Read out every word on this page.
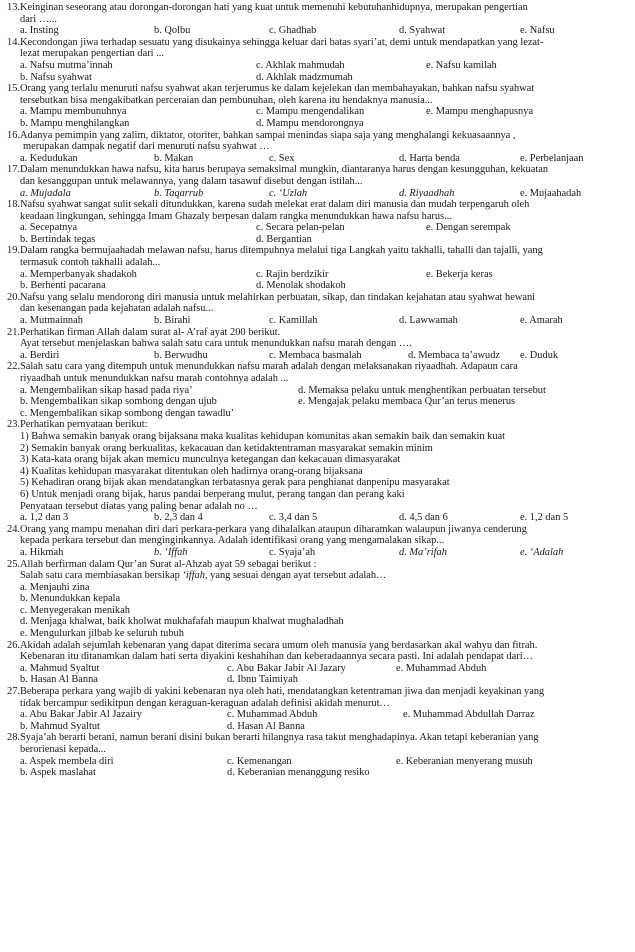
13.Keinginan seseorang atau dorongan-dorongan hati yang kuat untuk memenuhi kebutuhanhidupnya, merupakan pengertian
dari …...
a. Insting	b. Qolbu	c. Ghadhab	d. Syahwat	e. Nafsu
14.Kecondongan jiwa terhadap sesuatu yang disukainya sehingga keluar dari batas syari’at, demi untuk mendapatkan yang lezat-
lezat merupakan pengertian dari ...
a. Nafsu mutma’innah	c. Akhlak mahmudah	e. Nafsu kamilah
b. Nafsu syahwat	d. Akhlak madzmumah
15.Orang yang terlalu menuruti nafsu syahwat akan terjerumus ke dalam kejelekan dan membahayakan, bahkan nafsu syahwat
tersebutkan bisa mengakibatkan perceraian dan pembunuhan, oleh karena itu hendaknya manusia...
a. Mampu membunuhnya	c. Mampu mengendalikan	e. Mampu menghapusnya
b. Mampu menghilangkan	d. Mampu mendorongnya
16.Adanya pemimpin yang zalim, diktator, otoriter, bahkan sampai menindas siapa saja yang menghalangi kekuasaannya ,
merupakan dampak negatif dari menuruti nafsu syahwat …
a. Kedudukan	b. Makan	c. Sex	d. Harta benda	e. Perbelanjaan
17.Dalam menundukkan hawa nafsu, kita harus berupaya semaksimal mungkin, diantaranya harus dengan kesungguhan, kekuatan
dan kesanggupan untuk melawannya, yang dalam tasawuf disebut dengan istilah...
a. Mujadala	b. Taqarrub	c. ‘Uzlah	d. Riyaadhah	e. Mujaahadah
18.Nafsu syahwat sangat sulit sekali ditundukkan, karena sudah melekat erat dalam diri manusia dan mudah terpengaruh oleh
keadaan lingkungan, sehingga Imam Ghazaly berpesan dalam rangka menundukkan hawa nafsu harus...
a. Secepatnya	c. Secara pelan-pelan	e. Dengan serempak
b. Bertindak tegas	d. Bergantian
19.Dalam rangka bermujaahadah melawan nafsu, harus ditempuhnya melalui tiga Langkah yaitu takhalli, tahalli dan tajalli, yang
termasuk contoh takhalli adalah...
a. Memperbanyak shadakoh	c. Rajin berdzikir	e. Bekerja keras
b. Berhenti pacarana	d. Menolak shodakoh
20.Nafsu yang selalu mendorong diri manusia untuk melahirkan perbuatan, sikap, dan tindakan kejahatan atau syahwat hewani
dan kesenangan pada kejahatan adalah nafsu...
a. Mutmainnah	b. Birahi	c. Kamillah	d. Lawwamah	e. Amarah
21.Perhatikan firman Allah dalam surat al- A’raf ayat 200 berikut.
Ayat tersebut menjelaskan bahwa salah satu cara untuk menundukkan nafsu marah dengan ….
a. Berdiri	b. Berwudhu	c. Membaca basmalah	d. Membaca ta’awudz	e. Duduk
22.Salah satu cara yang ditempuh untuk menundukkan nafsu marah adalah dengan melaksanakan riyaadhah. Adapaun cara
riyaadhah untuk menundukkan nafsu marah contohnya adalah ...
a. Mengembalikan sikap hasad pada riya’	d. Memaksa pelaku untuk menghentikan perbuatan tersebut
b. Mengembalikan sikap sombong dengan ujub	e. Mengajak pelaku membaca Qur’an terus menerus
c. Mengembalikan sikap sombong dengan tawadlu’
23.Perhatikan pernyataan berikut:
1) Bahwa semakin banyak orang bijaksana maka kualitas kehidupan komunitas akan semakin baik dan semakin kuat
2) Semakin banyak orang berkualitas, kekacauan dan ketidaktentraman masyarakat semakin minim
3) Kata-kata orang bijak akan memicu munculnya ketegangan dan kekacauan dimasyarakat
4) Kualitas kehidupan masyarakat ditentukan oleh hadirnya orang-orang bijaksana
5) Kehadiran orang bijak akan mendatangkan terbatasnya gerak para penghianat danpenipu masyarakat
6) Untuk menjadi orang bijak, harus pandai berperang mulut, perang tangan dan perang kaki
Penyataan tersebut diatas yang paling benar adalah no …
a. 1,2 dan 3	b. 2,3 dan 4	c. 3,4 dan 5	d. 4,5 dan 6	e. 1,2 dan 5
24.Orang yang mampu menahan diri dari perkara-perkara yang dihalalkan ataupun diharamkan walaupun jiwanya cenderung
kepada perkara tersebut dan menginginkannya. Adalah identifikasi orang yang mengamalakan sikap...
a. Hikmah	b. ‘Iffah	c. Syaja’ah	d. Ma’rifah	e. ‘Adalah
25.Allah berfirman dalam Qur’an Surat al-Ahzab ayat 59 sebagai berikut :
Salah satu cara membiasakan bersikap ‘iffah, yang sesuai dengan ayat tersebut adalah…
a. Menjauhi zina
b. Menundukkan kepala
c. Menyegerakan menikah
d. Menjaga khalwat, baik kholwat mukhafafah maupun khalwat mughaladhah
e. Mengulurkan jilbab ke seluruh tubuh
26.Akidah adalah sejumlah kebenaran yang dapat diterima secara umum oleh manusia yang berdasarkan akal wahyu dan fitrah.
Kebenaran itu ditanamkan dalam hati serta diyakini keshahihan dan keberadaannya secara pasti. Ini adalah pendapat dari…
a. Mahmud Syaltut	c. Abu Bakar Jabir Al Jazary	e. Muhammad Abduh
b. Hasan Al Banna	d. Ibnu Taimiyah
27.Beberapa perkara yang wajib di yakini kebenaran nya oleh hati, mendatangkan ketentraman jiwa dan menjadi keyakinan yang
tidak bercampur sedikitpun dengan keraguan-keraguan adalah definisi akidah menurut…
a. Abu Bakar Jabir Al Jazairy	c. Muhammad Abduh	e. Muhammad Abdullah Darraz
b. Mahmud Syaltut	d. Hasan Al Banna
28.Syaja’ah berarti berani, namun berani disini bukan berarti hilangnya rasa takut menghadapinya. Akan tetapi keberanian yang
berorienasi kepada...
a. Aspek membela diri	c. Kemenangan	e. Keberanian menyerang musuh
b. Aspek maslahat	d. Keberanian menanggung resiko
